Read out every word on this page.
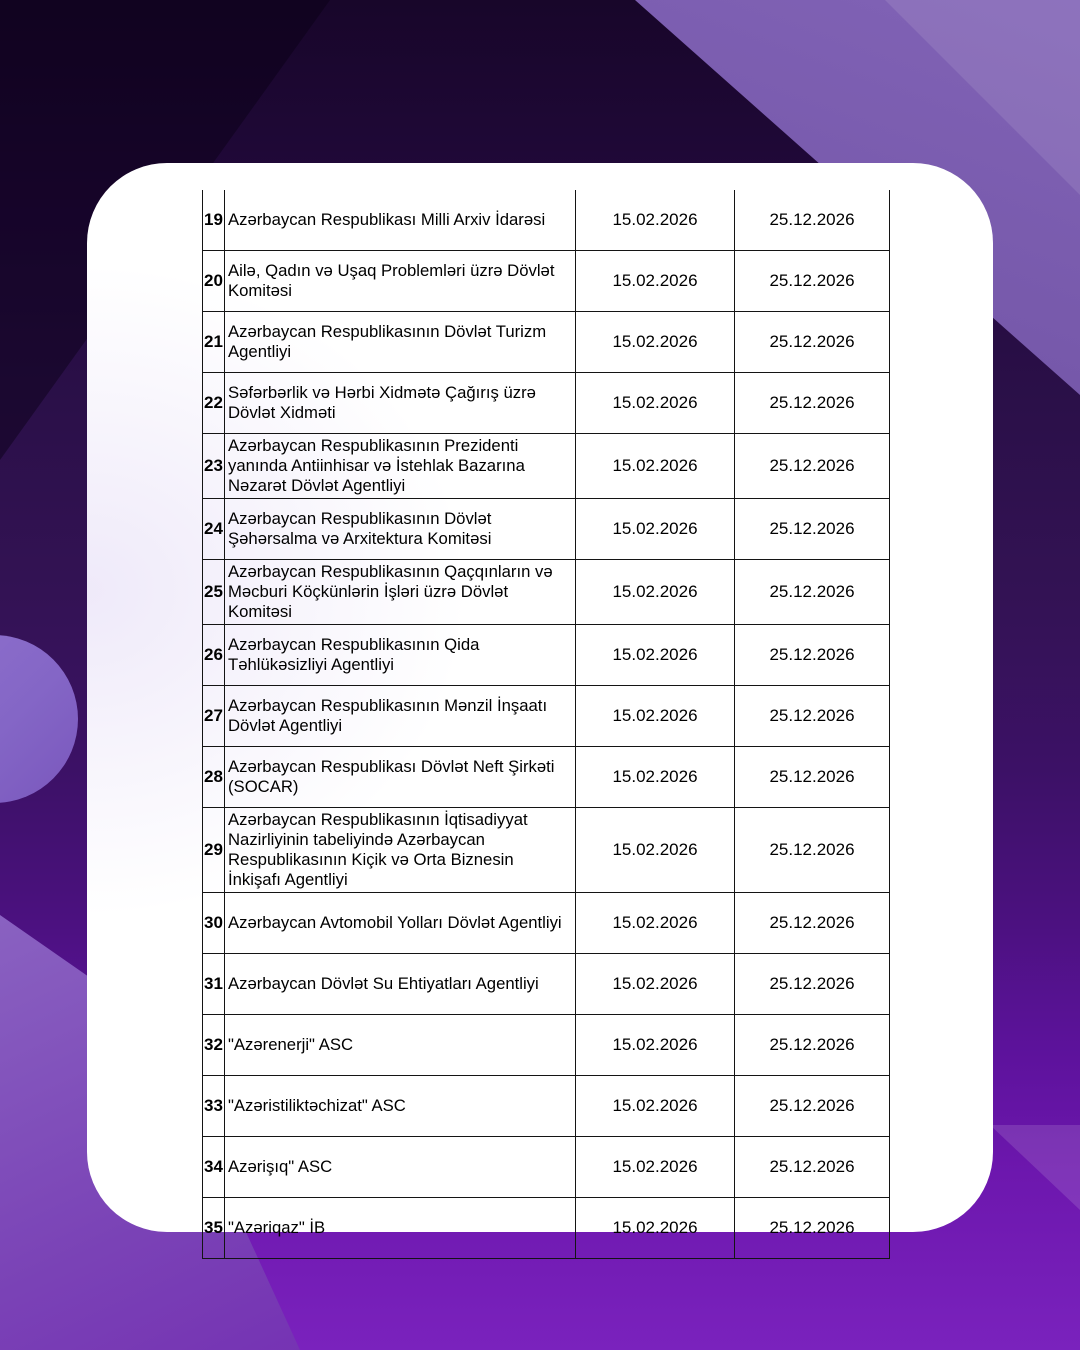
19	Azərbaycan Respublikası Milli Arxiv İdarəsi	15.02.2026	25.12.2026
20	Ailə, Qadın və Uşaq Problemləri üzrə Dövlət Komitəsi	15.02.2026	25.12.2026
21	Azərbaycan Respublikasının Dövlət Turizm Agentliyi	15.02.2026	25.12.2026
22	Səfərbərlik və Hərbi Xidmətə Çağırış üzrə Dövlət Xidməti	15.02.2026	25.12.2026
23	Azərbaycan Respublikasının Prezidenti yanında Antiinhisar və İstehlak Bazarına Nəzarət Dövlət Agentliyi	15.02.2026	25.12.2026
24	Azərbaycan Respublikasının Dövlət Şəhərsalma və Arxitektura Komitəsi	15.02.2026	25.12.2026
25	Azərbaycan Respublikasının Qaçqınların və Məcburi Köçkünlərin İşləri üzrə Dövlət Komitəsi	15.02.2026	25.12.2026
26	Azərbaycan Respublikasının Qida Təhlükəsizliyi Agentliyi	15.02.2026	25.12.2026
27	Azərbaycan Respublikasının Mənzil İnşaatı Dövlət Agentliyi	15.02.2026	25.12.2026
28	Azərbaycan Respublikası Dövlət Neft Şirkəti (SOCAR)	15.02.2026	25.12.2026
29	Azərbaycan Respublikasının İqtisadiyyat Nazirliyinin tabeliyində Azərbaycan Respublikasının Kiçik və Orta Biznesin İnkişafı Agentliyi	15.02.2026	25.12.2026
30	Azərbaycan Avtomobil Yolları Dövlət Agentliyi	15.02.2026	25.12.2026
31	Azərbaycan Dövlət Su Ehtiyatları Agentliyi	15.02.2026	25.12.2026
32	"Azərenerji" ASC	15.02.2026	25.12.2026
33	"Azəristiliktəchizat" ASC	15.02.2026	25.12.2026
34	Azərişıq" ASC	15.02.2026	25.12.2026
35	"Azəriqaz" İB	15.02.2026	25.12.2026
